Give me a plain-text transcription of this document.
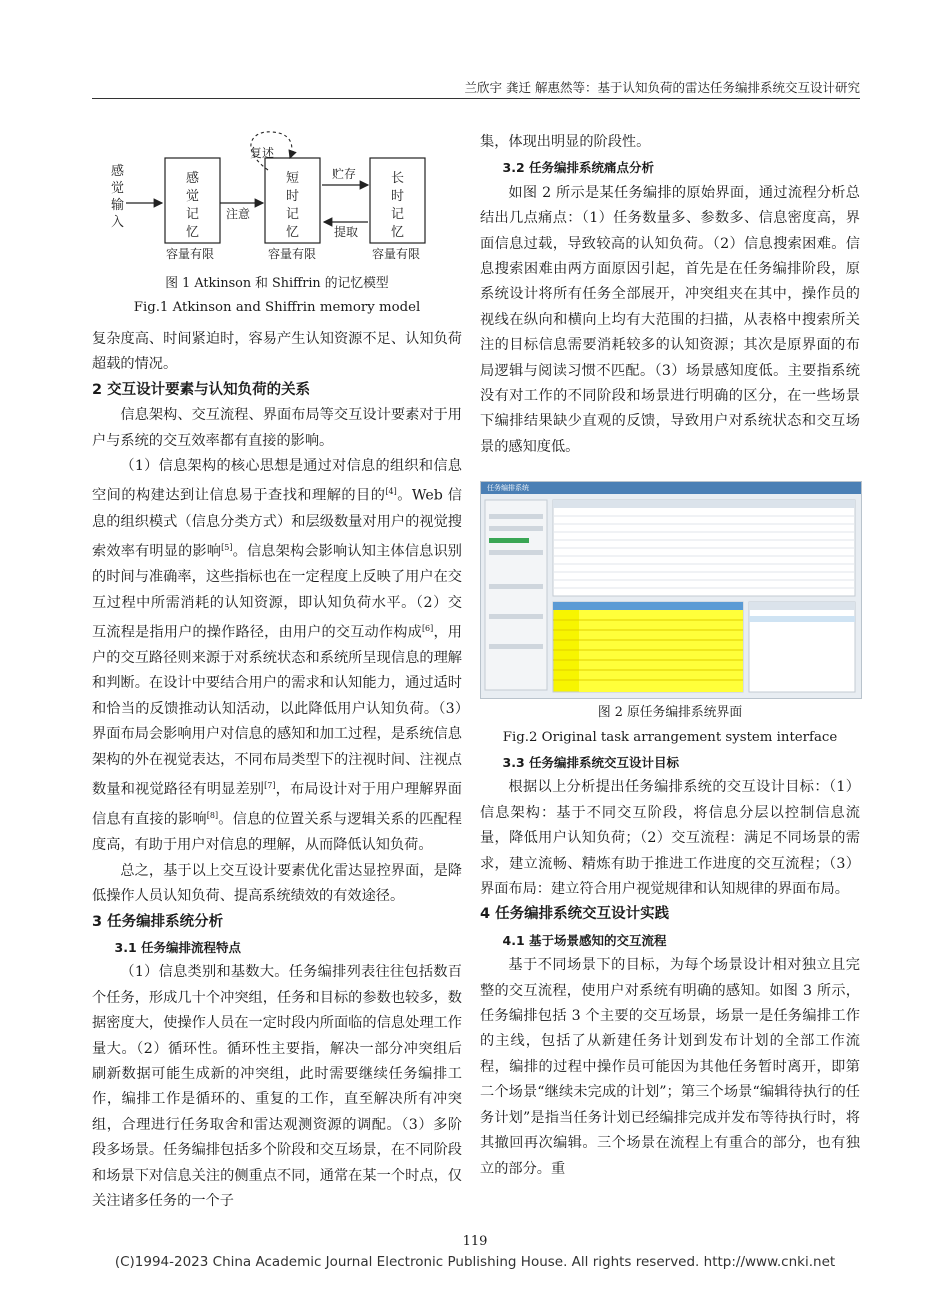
兰欣宇 龚迁 解惠然等：基于认知负荷的雷达任务编排系统交互设计研究
感
觉
输
入
感
觉
记
忆
容量有限
注意
短
时
记
忆
容量有限
复述
贮存
提取
长
时
记
忆
容量有限
图 1 Atkinson 和 Shiffrin 的记忆模型
Fig.1 Atkinson and Shiffrin memory model

复杂度高、时间紧迫时，容易产生认知资源不足、认知负荷超载的情况。

2 交互设计要素与认知负荷的关系

信息架构、交互流程、界面布局等交互设计要素对于用户与系统的交互效率都有直接的影响。

（1）信息架构的核心思想是通过对信息的组织和信息空间的构建达到让信息易于查找和理解的目的[4]。Web 信息的组织模式（信息分类方式）和层级数量对用户的视觉搜索效率有明显的影响[5]。信息架构会影响认知主体信息识别的时间与准确率，这些指标也在一定程度上反映了用户在交互过程中所需消耗的认知资源，即认知负荷水平。（2）交互流程是指用户的操作路径，由用户的交互动作构成[6]，用户的交互路径则来源于对系统状态和系统所呈现信息的理解和判断。在设计中要结合用户的需求和认知能力，通过适时和恰当的反馈推动认知活动，以此降低用户认知负荷。（3）界面布局会影响用户对信息的感知和加工过程，是系统信息架构的外在视觉表达，不同布局类型下的注视时间、注视点数量和视觉路径有明显差别[7]，布局设计对于用户理解界面信息有直接的影响[8]。信息的位置关系与逻辑关系的匹配程度高，有助于用户对信息的理解，从而降低认知负荷。

总之，基于以上交互设计要素优化雷达显控界面，是降低操作人员认知负荷、提高系统绩效的有效途径。

3 任务编排系统分析
3.1 任务编排流程特点

（1）信息类别和基数大。任务编排列表往往包括数百个任务，形成几十个冲突组，任务和目标的参数也较多，数据密度大，使操作人员在一定时段内所面临的信息处理工作量大。（2）循环性。循环性主要指，解决一部分冲突组后刷新数据可能生成新的冲突组，此时需要继续任务编排工作，编排工作是循环的、重复的工作，直至解决所有冲突组，合理进行任务取舍和雷达观测资源的调配。（3）多阶段多场景。任务编排包括多个阶段和交互场景，在不同阶段和场景下对信息关注的侧重点不同，通常在某一个时点，仅关注诸多任务的一个子

集，体现出明显的阶段性。

3.2 任务编排系统痛点分析

如图 2 所示是某任务编排的原始界面，通过流程分析总结出几点痛点：（1）任务数量多、参数多、信息密度高，界面信息过载，导致较高的认知负荷。（2）信息搜索困难。信息搜索困难由两方面原因引起，首先是在任务编排阶段，原系统设计将所有任务全部展开，冲突组夹在其中，操作员的视线在纵向和横向上均有大范围的扫描，从表格中搜索所关注的目标信息需要消耗较多的认知资源；其次是原界面的布局逻辑与阅读习惯不匹配。（3）场景感知度低。主要指系统没有对工作的不同阶段和场景进行明确的区分，在一些场景下编排结果缺少直观的反馈，导致用户对系统状态和交互场景的感知度低。

任务编排系统
图 2 原任务编排系统界面
Fig.2 Original task arrangement system interface
3.3 任务编排系统交互设计目标

根据以上分析提出任务编排系统的交互设计目标：（1）信息架构：基于不同交互阶段，将信息分层以控制信息流量，降低用户认知负荷；（2）交互流程：满足不同场景的需求，建立流畅、精炼有助于推进工作进度的交互流程；（3）界面布局：建立符合用户视觉规律和认知规律的界面布局。

4 任务编排系统交互设计实践
4.1 基于场景感知的交互流程

基于不同场景下的目标，为每个场景设计相对独立且完整的交互流程，使用户对系统有明确的感知。如图 3 所示，任务编排包括 3 个主要的交互场景，场景一是任务编排工作的主线，包括了从新建任务计划到发布计划的全部工作流程，编排的过程中操作员可能因为其他任务暂时离开，即第二个场景“继续未完成的计划”；第三个场景“编辑待执行的任务计划”是指当任务计划已经编排完成并发布等待执行时，将其撤回再次编辑。三个场景在流程上有重合的部分，也有独立的部分。重

119
(C)1994-2023 China Academic Journal Electronic Publishing House. All rights reserved. http://www.cnki.net
